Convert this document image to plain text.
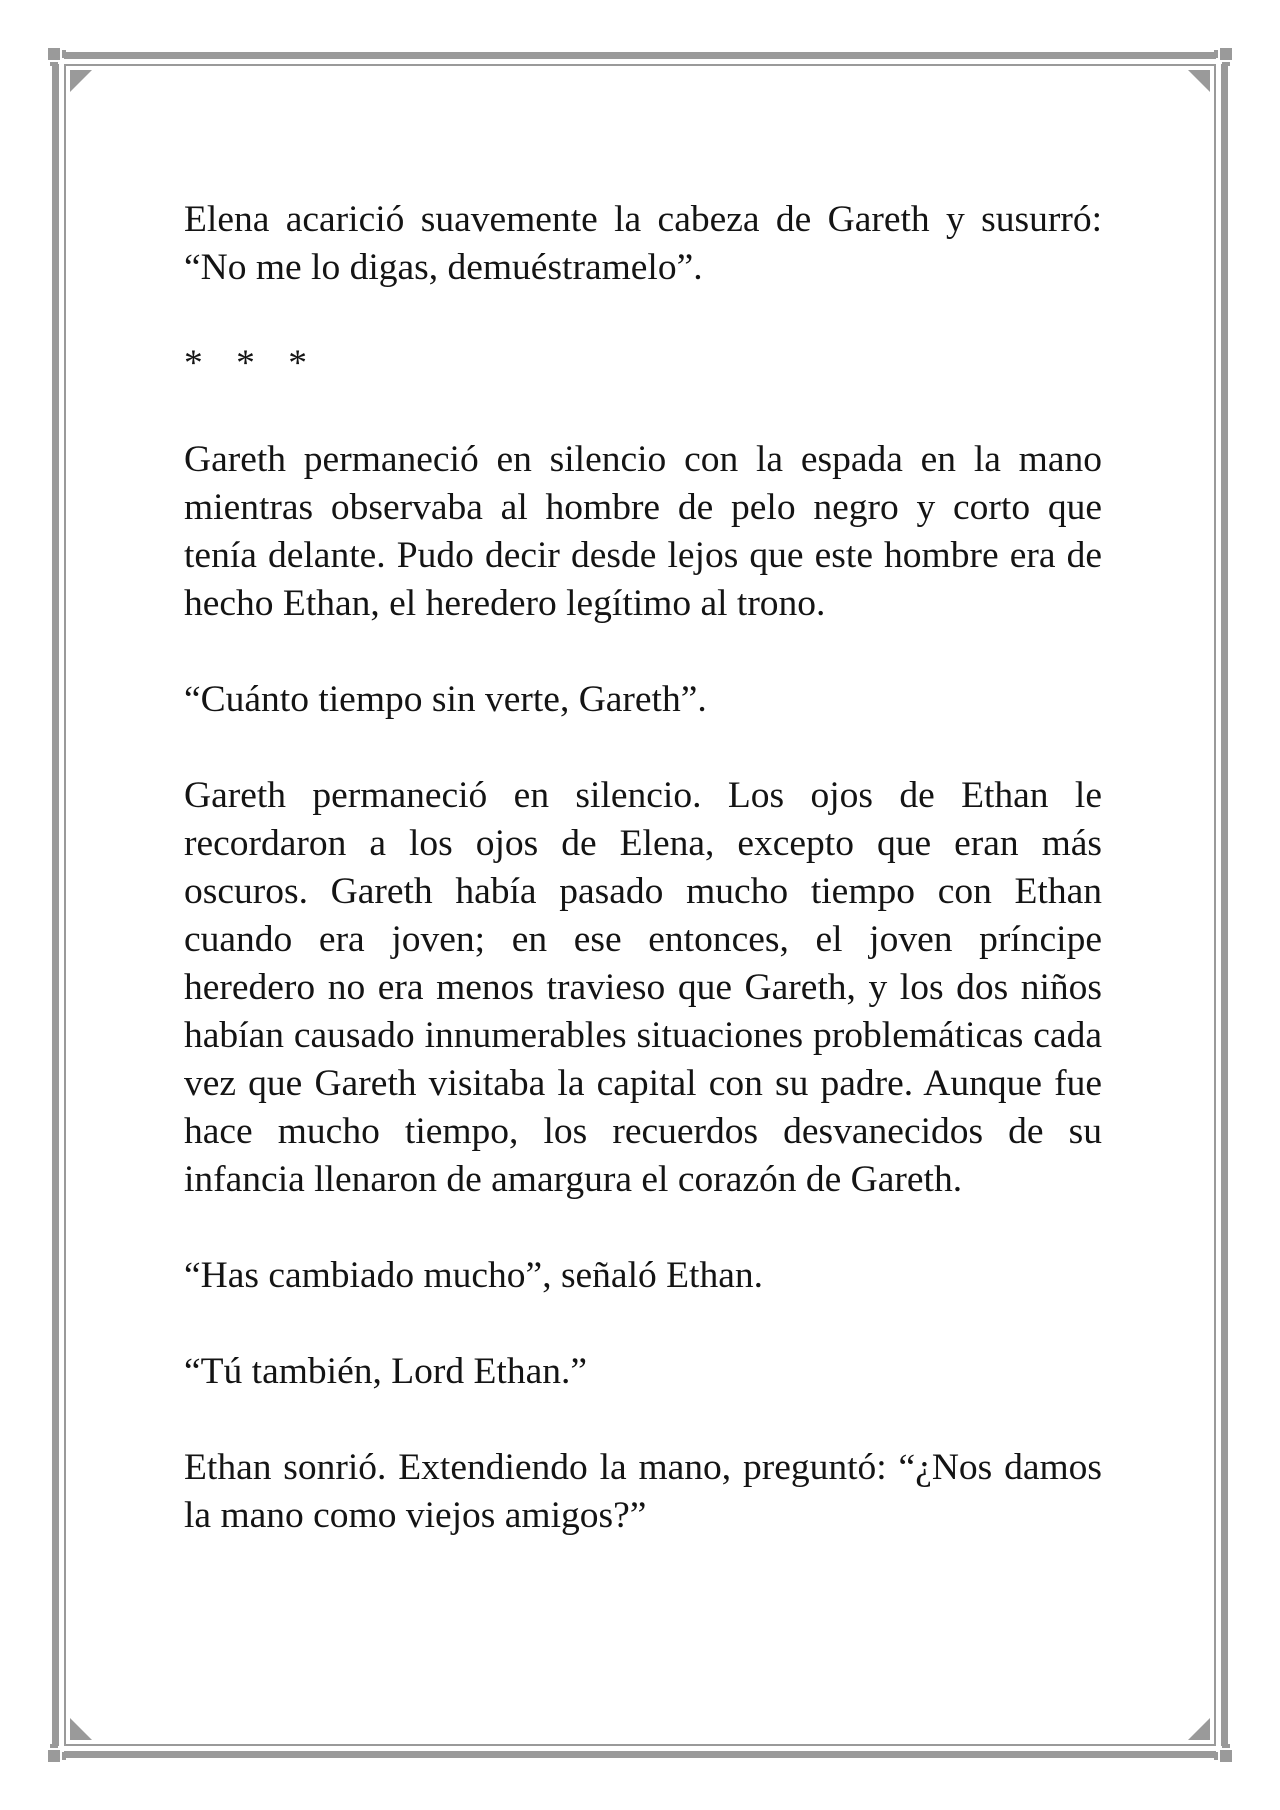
Elena acarició suavemente la cabeza de Gareth y susurró: “No me lo digas, demuéstramelo”.

* * *

Gareth permaneció en silencio con la espada en la mano mientras observaba al hombre de pelo negro y corto que tenía delante. Pudo decir desde lejos que este hombre era de hecho Ethan, el heredero legítimo al trono.

“Cuánto tiempo sin verte, Gareth”.

Gareth permaneció en silencio. Los ojos de Ethan le recordaron a los ojos de Elena, excepto que eran más oscuros. Gareth había pasado mucho tiempo con Ethan cuando era joven; en ese entonces, el joven príncipe heredero no era menos travieso que Gareth, y los dos niños habían causado innumerables situaciones problemáticas cada vez que Gareth visitaba la capital con su padre. Aunque fue hace mucho tiempo, los recuerdos desvanecidos de su infancia llenaron de amargura el corazón de Gareth.

“Has cambiado mucho”, señaló Ethan.

“Tú también, Lord Ethan.”

Ethan sonrió. Extendiendo la mano, preguntó: “¿Nos damos la mano como viejos amigos?”
